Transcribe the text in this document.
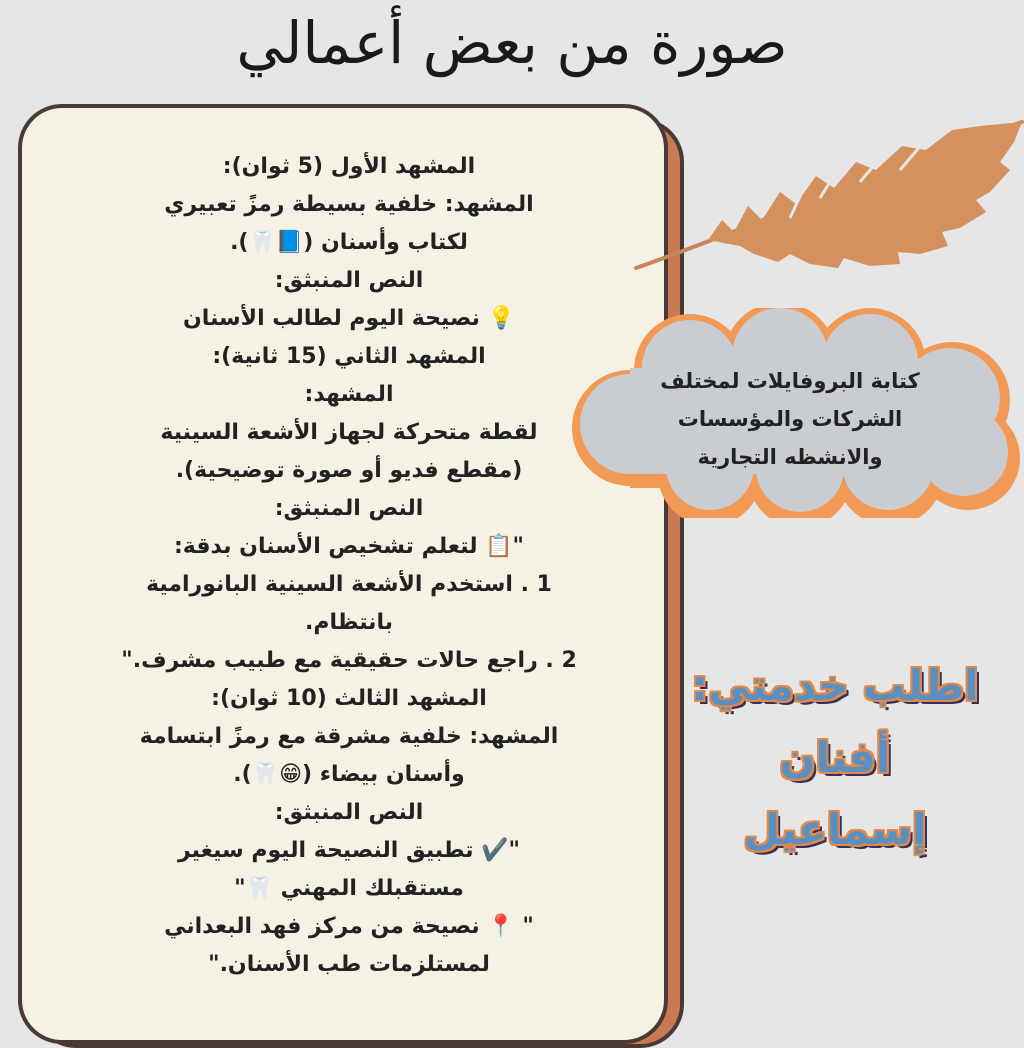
صورة من بعض أعمالي
المشهد الأول (5 ثوان):
المشهد: خلفية بسيطة رمزً تعبيري
لكتاب وأسنان (📘🦷).
النص المنبثق:
💡 نصيحة اليوم لطالب الأسنان
المشهد الثاني (15 ثانية):
المشهد:
لقطة متحركة لجهاز الأشعة السينية
(مقطع فديو أو صورة توضيحية).
النص المنبثق:
"📋 لتعلم تشخيص الأسنان بدقة:
1 . استخدم الأشعة السينية البانورامية
بانتظام.
2 . راجع حالات حقيقية مع طبيب مشرف."
المشهد الثالث (10 ثوان):
المشهد: خلفية مشرقة مع رمزً ابتسامة
وأسنان بيضاء (😁🦷).
النص المنبثق:
"✔️ تطبيق النصيحة اليوم سيغير
مستقبلك المهني 🦷"
" 📍 نصيحة من مركز فهد البعداني
لمستلزمات طب الأسنان."
كتابة البروفايلات لمختلف
الشركات والمؤسسات
والانشظه التجارية
اطلب خدمتي:
أفنان إسماعيل
